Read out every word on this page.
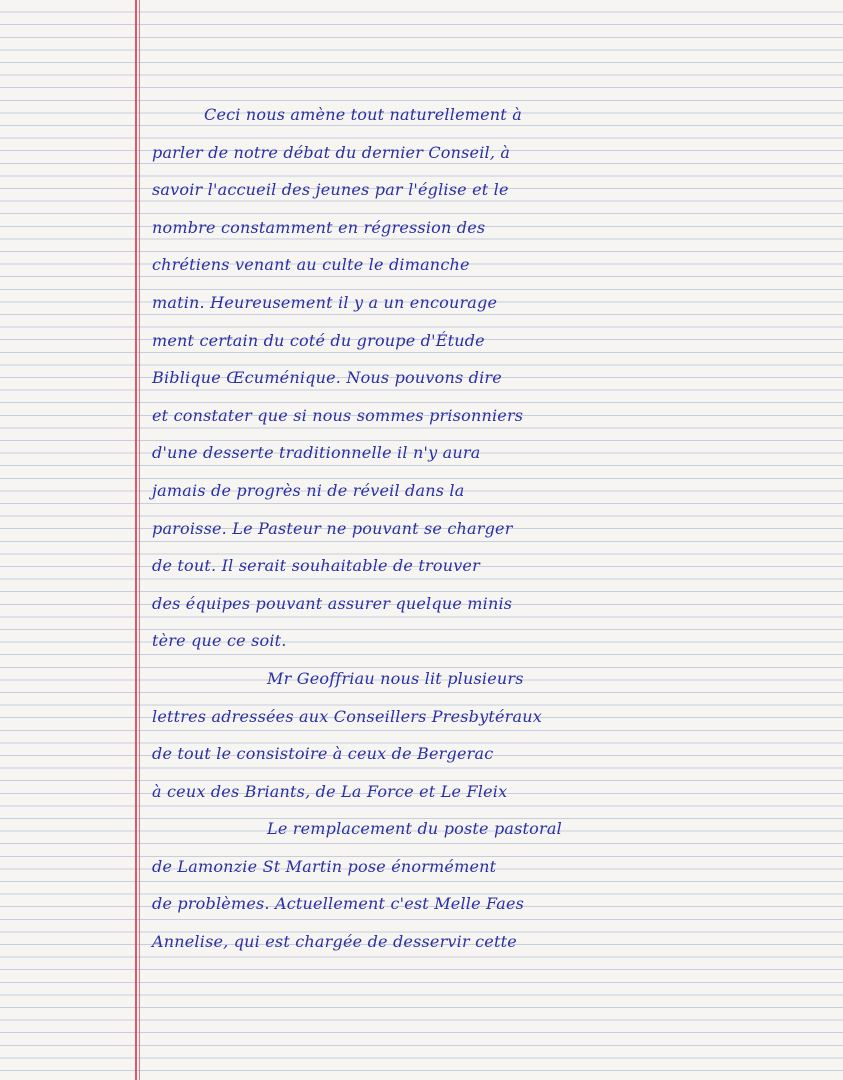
Ceci nous amène tout naturellement à
parler de notre débat du dernier Conseil, à
savoir l'accueil des jeunes par l'église et le
nombre constamment en régression des
chrétiens venant au culte le dimanche
matin. Heureusement il y a un encourage
ment certain du coté du groupe d'Étude
Biblique Œcuménique. Nous pouvons dire
et constater que si nous sommes prisonniers
d'une desserte traditionnelle il n'y aura
jamais de progrès ni de réveil dans la
paroisse. Le Pasteur ne pouvant se charger
de tout. Il serait souhaitable de trouver
des équipes pouvant assurer quelque minis
tère que ce soit.
Mr Geoffriau nous lit plusieurs
lettres adressées aux Conseillers Presbytéraux
de tout le consistoire à ceux de Bergerac
à ceux des Briants, de La Force et Le Fleix
Le remplacement du poste pastoral
de Lamonzie St Martin pose énormément
de problèmes. Actuellement c'est Melle Faes
Annelise, qui est chargée de desservir cette
